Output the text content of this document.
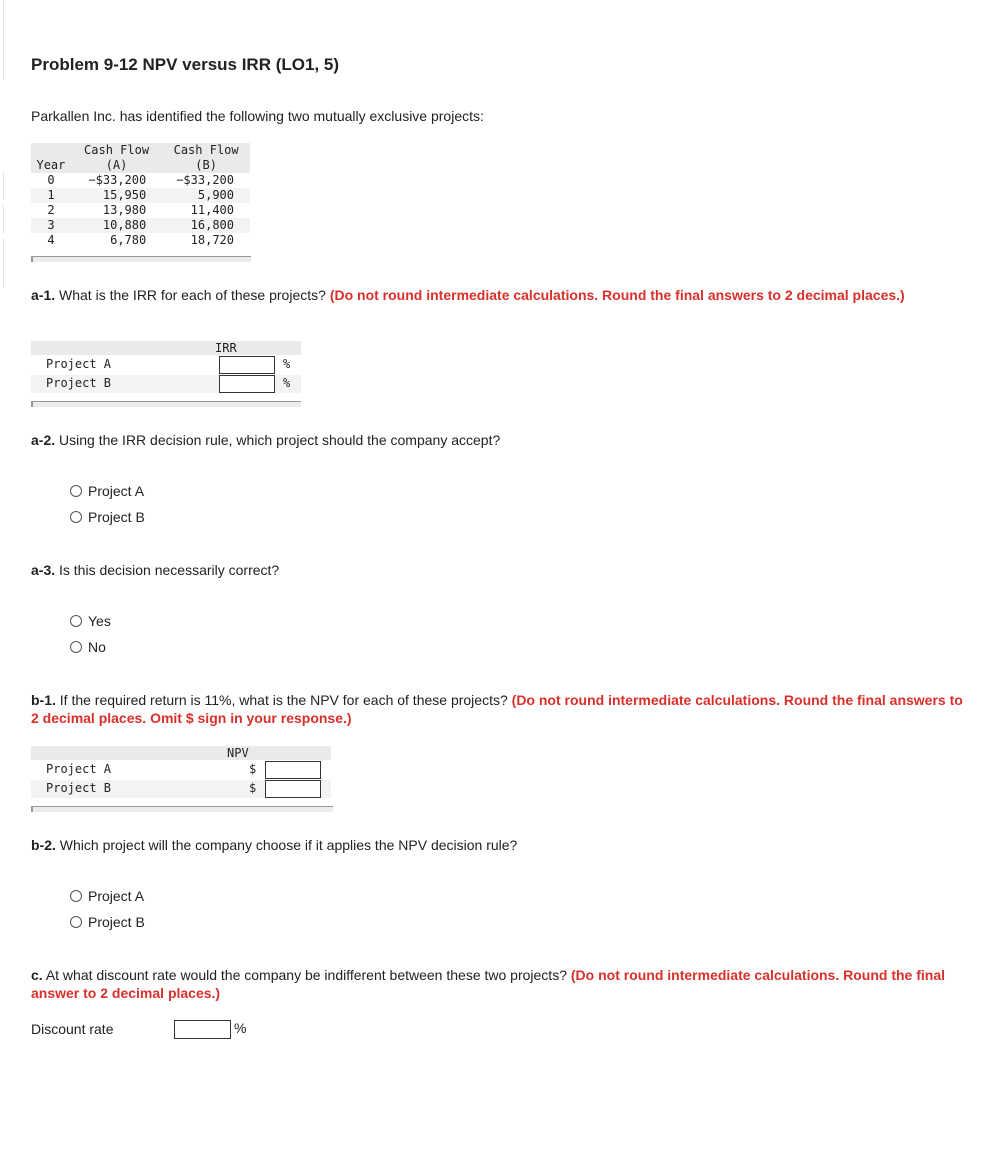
Problem 9-12 NPV versus IRR (LO1, 5)

Parkallen Inc. has identified the following two mutually exclusive projects:

Year	Cash Flow	Cash Flow
	(A)	(B)
0	−$33,200	−$33,200
1	15,950	5,900
2	13,980	11,400
3	10,880	16,800
4	6,780	18,720

a-1. What is the IRR for each of these projects? (Do not round intermediate calculations. Round the final answers to 2 decimal places.)

IRR
Project A	%
Project B	%

a-2. Using the IRR decision rule, which project should the company accept?

Project A
Project B

a-3. Is this decision necessarily correct?

Yes
No

b-1. If the required return is 11%, what is the NPV for each of these projects? (Do not round intermediate calculations. Round the final answers to 2 decimal places. Omit $ sign in your response.)

NPV
Project A	$
Project B	$

b-2. Which project will the company choose if it applies the NPV decision rule?

Project A
Project B

c. At what discount rate would the company be indifferent between these two projects? (Do not round intermediate calculations. Round the final answer to 2 decimal places.)

Discount rate	%
